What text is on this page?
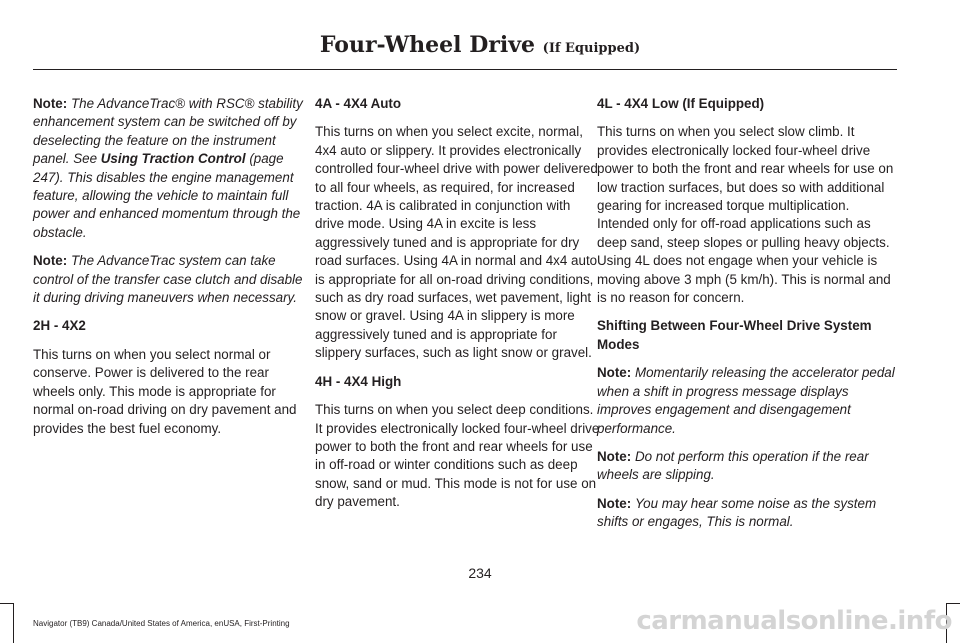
Four-Wheel Drive (If Equipped)

Note: The AdvanceTrac® with RSC® stability enhancement system can be switched off by deselecting the feature on the instrument panel. See Using Traction Control (page 247). This disables the engine management feature, allowing the vehicle to maintain full power and enhanced momentum through the obstacle.

Note: The AdvanceTrac system can take control of the transfer case clutch and disable it during driving maneuvers when necessary.

2H - 4X2

This turns on when you select normal or conserve. Power is delivered to the rear wheels only. This mode is appropriate for normal on-road driving on dry pavement and provides the best fuel economy.

4A - 4X4 Auto

This turns on when you select excite, normal, 4x4 auto or slippery. It provides electronically controlled four-wheel drive with power delivered to all four wheels, as required, for increased traction. 4A is calibrated in conjunction with drive mode. Using 4A in excite is less aggressively tuned and is appropriate for dry road surfaces. Using 4A in normal and 4x4 auto is appropriate for all on-road driving conditions, such as dry road surfaces, wet pavement, light snow or gravel. Using 4A in slippery is more aggressively tuned and is appropriate for slippery surfaces, such as light snow or gravel.

4H - 4X4 High

This turns on when you select deep conditions. It provides electronically locked four-wheel drive power to both the front and rear wheels for use in off-road or winter conditions such as deep snow, sand or mud. This mode is not for use on dry pavement.

4L - 4X4 Low (If Equipped)

This turns on when you select slow climb. It provides electronically locked four-wheel drive power to both the front and rear wheels for use on low traction surfaces, but does so with additional gearing for increased torque multiplication. Intended only for off-road applications such as deep sand, steep slopes or pulling heavy objects. Using 4L does not engage when your vehicle is moving above 3 mph (5 km/h). This is normal and is no reason for concern.

Shifting Between Four-Wheel Drive System Modes

Note: Momentarily releasing the accelerator pedal when a shift in progress message displays improves engagement and disengagement performance.

Note: Do not perform this operation if the rear wheels are slipping.

Note: You may hear some noise as the system shifts or engages, This is normal.

234
Navigator (TB9) Canada/United States of America, enUSA, First-Printing	carmanualsonline.info
